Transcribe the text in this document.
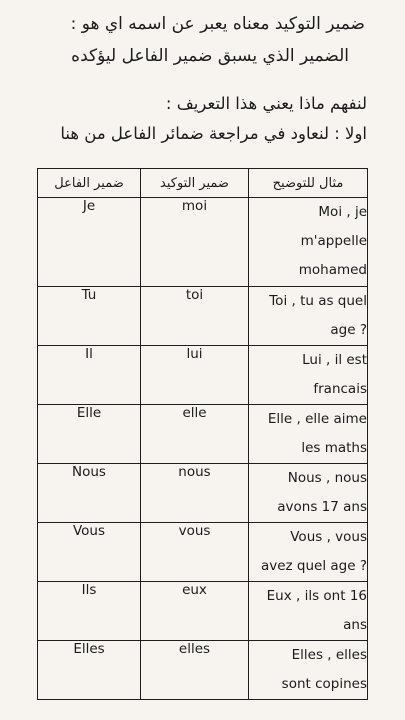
ضمير التوكيد معناه يعبر عن اسمه اي هو :
الضمير الذي يسبق ضمير الفاعل ليؤكده
لنفهم ماذا يعني هذا التعريف :
اولا : لنعاود في مراجعة ضمائر الفاعل من هنا
ضمير الفاعل	ضمير التوكيد	مثال للتوضيح
Je	moi	Moi , je
m'appelle
mohamed

Tu	toi	Toi , tu as quel
age ?

Il	lui	Lui , il est
francais

Elle	elle	Elle , elle aime
les maths

Nous	nous	Nous , nous
avons 17 ans

Vous	vous	Vous , vous
avez quel age ?

Ils	eux	Eux , ils ont 16
ans

Elles	elles	Elles , elles
sont copines
